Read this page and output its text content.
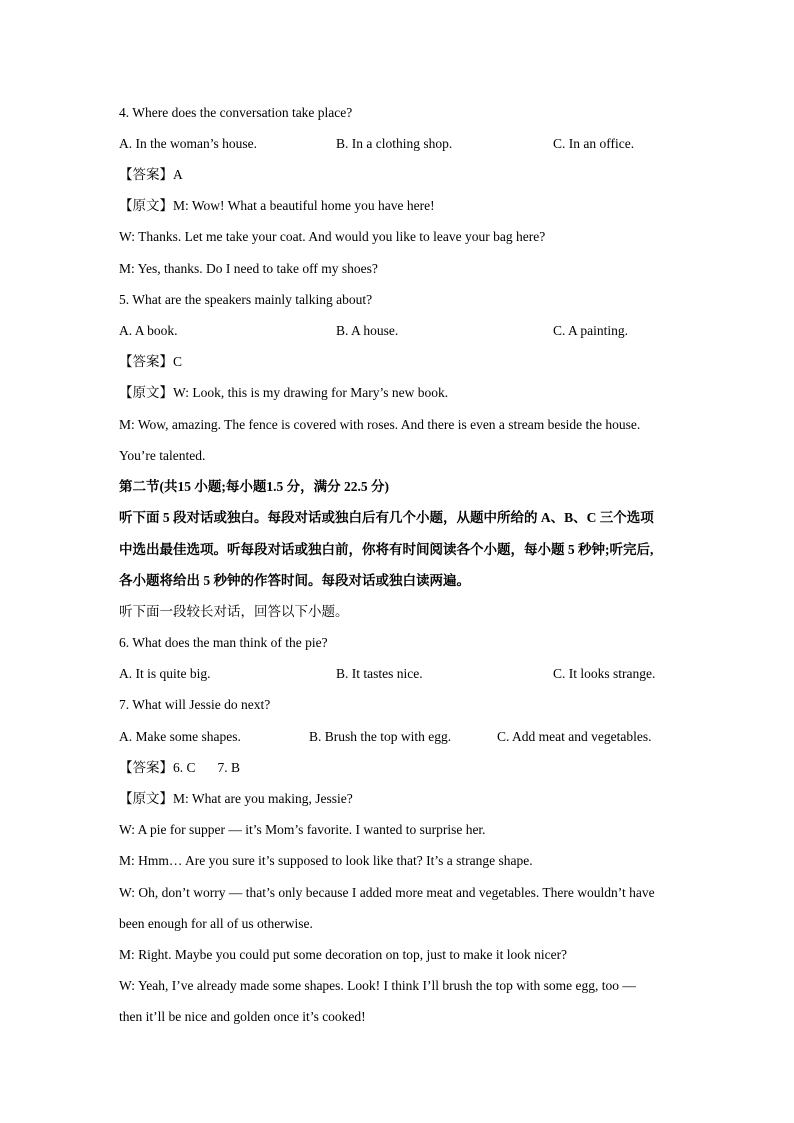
4. Where does the conversation take place?
A. In the woman’s house.	B. In a clothing shop.	C. In an office.
【答案】A
【原文】M: Wow! What a beautiful home you have here!
W: Thanks. Let me take your coat. And would you like to leave your bag here?
M: Yes, thanks. Do I need to take off my shoes?
5. What are the speakers mainly talking about?
A. A book.	B. A house.	C. A painting.
【答案】C
【原文】W: Look, this is my drawing for Mary’s new book.
M: Wow, amazing. The fence is covered with roses. And there is even a stream beside the house.
You’re talented.
第二节(共15 小题;每小题1.5 分，满分 22.5 分)
听下面 5 段对话或独白。每段对话或独白后有几个小题，从题中所给的 A、B、C 三个选项
中选出最佳选项。听每段对话或独白前，你将有时间阅读各个小题，每小题 5 秒钟;听完后,
各小题将给出 5 秒钟的作答时间。每段对话或独白读两遍。
听下面一段较长对话，回答以下小题。
6. What does the man think of the pie?
A. It is quite big.	B. It tastes nice.	C. It looks strange.
7. What will Jessie do next?
A. Make some shapes.	B. Brush the top with egg.	C. Add meat and vegetables.
【答案】6. C 7. B
【原文】M: What are you making, Jessie?
W: A pie for supper — it’s Mom’s favorite. I wanted to surprise her.
M: Hmm… Are you sure it’s supposed to look like that? It’s a strange shape.
W: Oh, don’t worry — that’s only because I added more meat and vegetables. There wouldn’t have
been enough for all of us otherwise.
M: Right. Maybe you could put some decoration on top, just to make it look nicer?
W: Yeah, I’ve already made some shapes. Look! I think I’ll brush the top with some egg, too —
then it’ll be nice and golden once it’s cooked!
